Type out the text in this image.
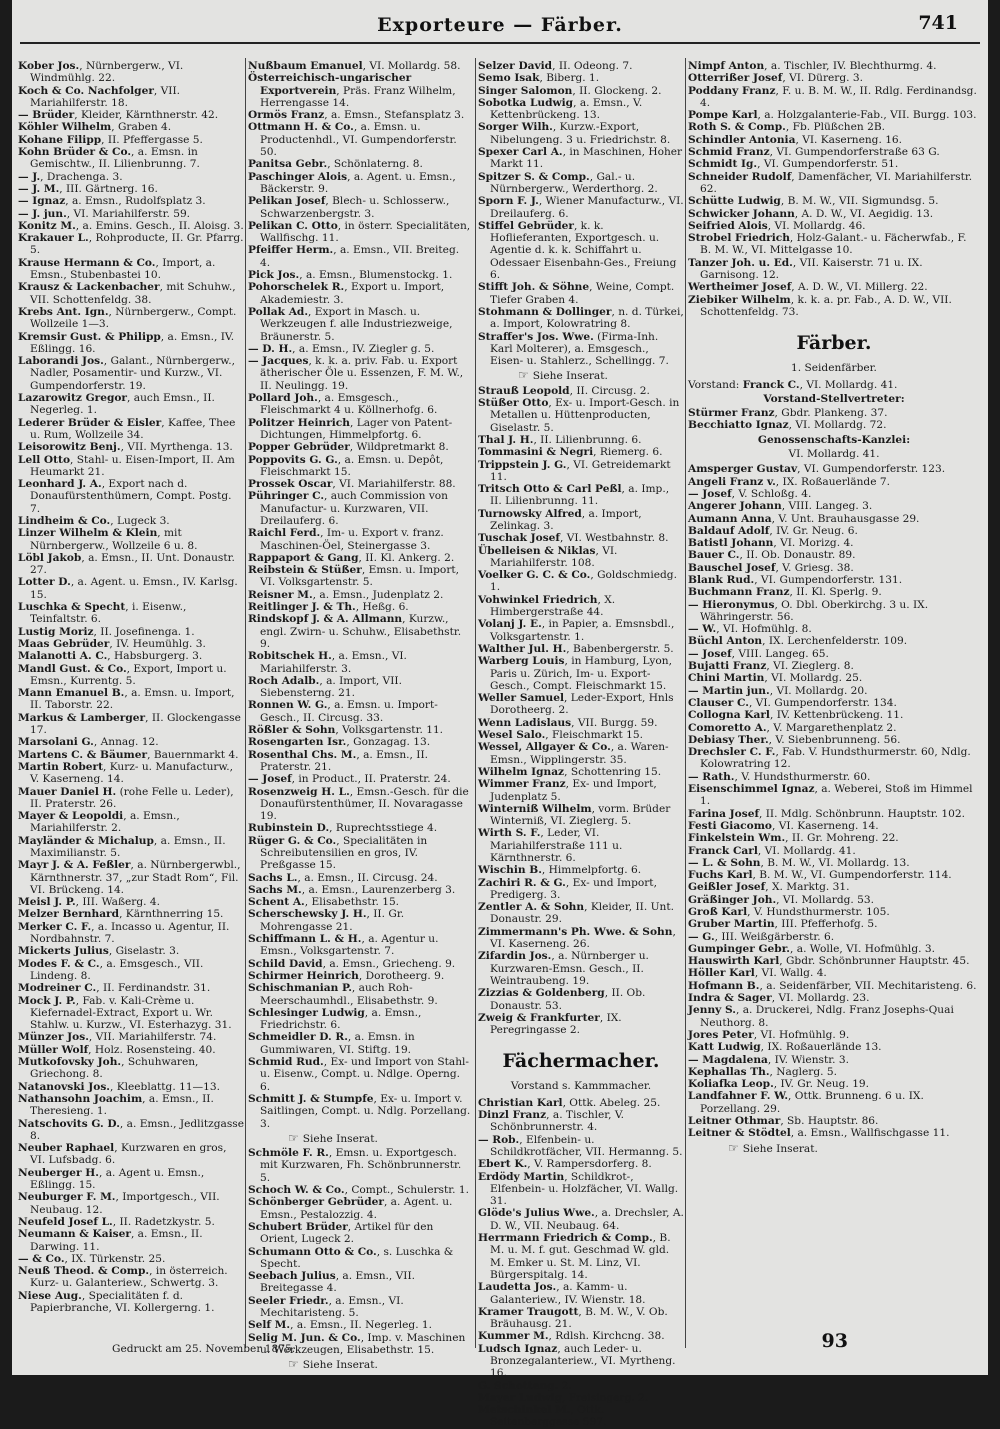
Exporteure — Färber.	741

Kober Jos., Nürnbergerw., VI. Windmühlg. 22.

Koch & Co. Nachfolger, VII. Mariahilferstr. 18.

— Brüder, Kleider, Kärnthnerstr. 42.

Köhler Wilhelm, Graben 4.

Kohane Filipp, II. Pfeffergasse 5.

Kohn Brüder & Co., a. Emsn. in Gemischtw., II. Lilienbrunng. 7.

— J., Drachenga. 3.

— J. M., III. Gärtnerg. 16.

— Ignaz, a. Emsn., Rudolfsplatz 3.

— J. jun., VI. Mariahilferstr. 59.

Konitz M., a. Emins. Gesch., II. Aloisg. 3.

Krakauer L., Rohproducte, II. Gr. Pfarrg. 5.

Krause Hermann & Co., Import, a. Emsn., Stubenbastei 10.

Krausz & Lackenbacher, mit Schuhw., VII. Schottenfeldg. 38.

Krebs Ant. Ign., Nürnbergerw., Compt. Wollzeile 1—3.

Kremsir Gust. & Philipp, a. Emsn., IV. Eßlingg. 16.

Laborandi Jos., Galant., Nürnbergerw., Nadler, Posamentir- und Kurzw., VI. Gumpendorferstr. 19.

Lazarowitz Gregor, auch Emsn., II. Negerleg. 1.

Lederer Brüder & Eisler, Kaffee, Thee u. Rum, Wollzeile 34.

Leisorowitz Benj., VII. Myrthenga. 13.

Lell Otto, Stahl- u. Eisen-Import, II. Am Heumarkt 21.

Leonhard J. A., Export nach d. Donaufürstenthümern, Compt. Postg. 7.

Lindheim & Co., Lugeck 3.

Linzer Wilhelm & Klein, mit Nürnbergerw., Wollzeile 6 u. 8.

Löbl Jakob, a. Emsn., II. Unt. Donaustr. 27.

Lotter D., a. Agent. u. Emsn., IV. Karlsg. 15.

Luschka & Specht, i. Eisenw., Teinfaltstr. 6.

Lustig Moriz, II. Josefinenga. 1.

Maas Gebrüder, IV. Heumühlg. 3.

Malanotti A. C., Habsburgerg. 3.

Mandl Gust. & Co., Export, Import u. Emsn., Kurrentg. 5.

Mann Emanuel B., a. Emsn. u. Import, II. Taborstr. 22.

Markus & Lamberger, II. Glockengasse 17.

Marsolani G., Annag. 12.

Martens C. & Bäumer, Bauernmarkt 4.

Martin Robert, Kurz- u. Manufacturw., V. Kaserneng. 14.

Mauer Daniel H. (rohe Felle u. Leder), II. Praterstr. 26.

Mayer & Leopoldi, a. Emsn., Mariahilferstr. 2.

Mayländer & Michalup, a. Emsn., II. Maximilianstr. 5.

Mayr J. & A. Feßler, a. Nürnbergerwbl., Kärnthnerstr. 37, „zur Stadt Rom“, Fil. VI. Brückeng. 14.

Meisl J. P., III. Waßerg. 4.

Melzer Bernhard, Kärnthnerring 15.

Merker C. F., a. Incasso u. Agentur, II. Nordbahnstr. 7.

Mickerts Julius, Giselastr. 3.

Modes F. & C., a. Emsgesch., VII. Lindeng. 8.

Modreiner C., II. Ferdinandstr. 31.

Mock J. P., Fab. v. Kali-Crème u. Kiefernadel-Extract, Export u. Wr. Stahlw. u. Kurzw., VI. Esterhazyg. 31.

Münzer Jos., VII. Mariahilferstr. 74.

Müller Wolf, Holz. Rosensteing. 40.

Mutkofovsky Joh., Schuhwaren, Griechong. 8.

Natanovski Jos., Kleeblattg. 11—13.

Nathansohn Joachim, a. Emsn., II. Theresieng. 1.

Natschovits G. D., a. Emsn., Jedlitzgasse 8.

Neuber Raphael, Kurzwaren en gros, VI. Lufsbadg. 6.

Neuberger H., a. Agent u. Emsn., Eßlingg. 15.

Neuburger F. M., Importgesch., VII. Neubaug. 12.

Neufeld Josef L., II. Radetzkystr. 5.

Neumann & Kaiser, a. Emsn., II. Darwing. 11.

— & Co., IX. Türkenstr. 25.

Neuß Theod. & Comp., in österreich. Kurz- u. Galanteriew., Schwertg. 3.

Niese Aug., Specialitäten f. d. Papierbranche, VI. Kollergerng. 1.

Nußbaum Emanuel, VI. Mollardg. 58.

Österreichisch-ungarischer Exportverein, Präs. Franz Wilhelm, Herrengasse 14.

Ormös Franz, a. Emsn., Stefansplatz 3.

Ottmann H. & Co., a. Emsn. u. Productenhdl., VI. Gumpendorferstr. 50.

Panitsa Gebr., Schönlaterng. 8.

Paschinger Alois, a. Agent. u. Emsn., Bäckerstr. 9.

Pelikan Josef, Blech- u. Schlosserw., Schwarzenbergstr. 3.

Pelikan C. Otto, in österr. Specialitäten, Wallfischg. 11.

Pfeiffer Herm., a. Emsn., VII. Breiteg. 4.

Pick Jos., a. Emsn., Blumenstockg. 1.

Pohorschelek R., Export u. Import, Akademiestr. 3.

Pollak Ad., Export in Masch. u. Werkzeugen f. alle Industriezweige, Bräunerstr. 5.

— D. H., a. Emsn., IV. Ziegler g. 5.

— Jacques, k. k. a. priv. Fab. u. Export ätherischer Öle u. Essenzen, F. M. W., II. Neulingg. 19.

Pollard Joh., a. Emsgesch., Fleischmarkt 4 u. Köllnerhofg. 6.

Politzer Heinrich, Lager von Patent-Dichtungen, Himmelpfortg. 6.

Popper Gebrüder, Wildpretmarkt 8.

Poppovits G. G., a. Emsn. u. Depôt, Fleischmarkt 15.

Prossek Oscar, VI. Mariahilferstr. 88.

Pühringer C., auch Commission von Manufactur- u. Kurzwaren, VII. Dreilauferg. 6.

Raichl Ferd., Im- u. Export v. franz. Maschinen-Öel, Steinergasse 3.

Rappaport & Gang, II. Kl. Ankerg. 2.

Reibstein & Stüßer, Emsn. u. Import, VI. Volksgartenstr. 5.

Reisner M., a. Emsn., Judenplatz 2.

Reitlinger J. & Th., Heßg. 6.

Rindskopf J. & A. Allmann, Kurzw., engl. Zwirn- u. Schuhw., Elisabethstr. 9.

Robitschek H., a. Emsn., VI. Mariahilferstr. 3.

Roch Adalb., a. Import, VII. Siebensterng. 21.

Ronnen W. G., a. Emsn. u. Import-Gesch., II. Circusg. 33.

Rößler & Sohn, Volksgartenstr. 11.

Rosengarten Isr., Gonzagag. 13.

Rosenthal Chs. M., a. Emsn., II. Praterstr. 21.

— Josef, in Product., II. Praterstr. 24.

Rosenzweig H. L., Emsn.-Gesch. für die Donaufürstenthümer, II. Novaragasse 19.

Rubinstein D., Ruprechtsstiege 4.

Rüger G. & Co., Specialitäten in Schreibutensilien en gros, IV. Preßgasse 15.

Sachs L., a. Emsn., II. Circusg. 24.

Sachs M., a. Emsn., Laurenzerberg 3.

Schent A., Elisabethstr. 15.

Scherschewsky J. H., II. Gr. Mohrengasse 21.

Schiffmann L. & H., a. Agentur u. Emsn., Volksgartenstr. 7.

Schild David, a. Emsn., Griecheng. 9.

Schirmer Heinrich, Dorotheerg. 9.

Schischmanian P., auch Roh-Meerschaumhdl., Elisabethstr. 9.

Schlesinger Ludwig, a. Emsn., Friedrichstr. 6.

Schmeidler D. R., a. Emsn. in Gummiwaren, VI. Stiftg. 19.

Schmid Rud., Ex- und Import von Stahl- u. Eisenw., Compt. u. Ndlge. Operng. 6.

Schmitt J. & Stumpfe, Ex- u. Import v. Saitlingen, Compt. u. Ndlg. Porzellang. 3.

☞ Siehe Inserat.

Schmöle F. R., Emsn. u. Exportgesch. mit Kurzwaren, Fh. Schönbrunnerstr. 5.

Schoch W. & Co., Compt., Schulerstr. 1.

Schönberger Gebrüder, a. Agent. u. Emsn., Pestalozzig. 4.

Schubert Brüder, Artikel für den Orient, Lugeck 2.

Schumann Otto & Co., s. Luschka & Specht.

Seebach Julius, a. Emsn., VII. Breitegasse 4.

Seeler Friedr., a. Emsn., VI. Mechitaristeng. 5.

Self M., a. Emsn., II. Negerleg. 1.

Selig M. Jun. & Co., Imp. v. Maschinen u. Werkzeugen, Elisabethstr. 15.

☞ Siehe Inserat.

Selzer David, II. Odeong. 7.

Semo Isak, Biberg. 1.

Singer Salomon, II. Glockeng. 2.

Sobotka Ludwig, a. Emsn., V. Kettenbrückeng. 13.

Sorger Wilh., Kurzw.-Export, Nibelungeng. 3 u. Friedrichstr. 8.

Spexer Carl A., in Maschinen, Hoher Markt 11.

Spitzer S. & Comp., Gal.- u. Nürnbergerw., Werderthorg. 2.

Sporn F. J., Wiener Manufacturw., VI. Dreilauferg. 6.

Stiffel Gebrüder, k. k. Hoflieferanten, Exportgesch. u. Agentie d. k. k. Schiffahrt u. Odessaer Eisenbahn-Ges., Freiung 6.

Stifft Joh. & Söhne, Weine, Compt. Tiefer Graben 4.

Stohmann & Dollinger, n. d. Türkei, a. Import, Kolowratring 8.

Straffer's Jos. Wwe. (Firma-Inh. Karl Molterer), a. Emsgesch., Eisen- u. Stahlerz., Schellingg. 7.

☞ Siehe Inserat.

Strauß Leopold, II. Circusg. 2.

Stüßer Otto, Ex- u. Import-Gesch. in Metallen u. Hüttenproducten, Giselastr. 5.

Thal J. H., II. Lilienbrunng. 6.

Tommasini & Negri, Riemerg. 6.

Trippstein J. G., VI. Getreidemarkt 11.

Tritsch Otto & Carl Peßl, a. Imp., II. Lilienbrunng. 11.

Turnowsky Alfred, a. Import, Zelinkag. 3.

Tuschak Josef, VI. Westbahnstr. 8.

Übelleisen & Niklas, VI. Mariahilferstr. 108.

Voelker G. C. & Co., Goldschmiedg. 1.

Vohwinkel Friedrich, X. Himbergerstraße 44.

Volanj J. E., in Papier, a. Emsnsbdl., Volksgartenstr. 1.

Walther Jul. H., Babenbergerstr. 5.

Warberg Louis, in Hamburg, Lyon, Paris u. Zürich, Im- u. Export-Gesch., Compt. Fleischmarkt 15.

Weller Samuel, Leder-Export, Hnls Dorotheerg. 2.

Wenn Ladislaus, VII. Burgg. 59.

Wesel Salo., Fleischmarkt 15.

Wessel, Allgayer & Co., a. Waren-Emsn., Wipplingerstr. 35.

Wilhelm Ignaz, Schottenring 15.

Wimmer Franz, Ex- und Import, Judenplatz 5.

Winterniß Wilhelm, vorm. Brüder Winterniß, VI. Zieglerg. 5.

Wirth S. F., Leder, VI. Mariahilferstraße 111 u. Kärnthnerstr. 6.

Wischin B., Himmelpfortg. 6.

Zachiri R. & G., Ex- und Import, Predigerg. 3.

Zentler A. & Sohn, Kleider, II. Unt. Donaustr. 29.

Zimmermann's Ph. Wwe. & Sohn, VI. Kaserneng. 26.

Zifardin Jos., a. Nürnberger u. Kurzwaren-Emsn. Gesch., II. Weintraubeng. 19.

Zizzias & Goldenberg, II. Ob. Donaustr. 53.

Zweig & Frankfurter, IX. Peregringasse 2.

Fächermacher.
Vorstand s. Kammmacher.

Christian Karl, Ottk. Abeleg. 25.

Dinzl Franz, a. Tischler, V. Schönbrunnerstr. 4.

— Rob., Elfenbein- u. Schildkrotfächer, VII. Hermanng. 5.

Ebert K., V. Rampersdorferg. 8.

Erdödy Martin, Schildkrot-, Elfenbein- u. Holzfächer, VI. Wallg. 31.

Glöde's Julius Wwe., a. Drechsler, A. D. W., VII. Neubaug. 64.

Herrmann Friedrich & Comp., B. M. u. M. f. gut. Geschmad W. gld. M. Emker u. St. M. Linz, VI. Bürgerspitalg. 14.

Laudetta Jos., a. Kamm- u. Galanteriew., IV. Wienstr. 18.

Kramer Traugott, B. M. W., V. Ob. Bräuhausg. 21.

Kummer M., Rdlsh. Kirchcng. 38.

Ludsch Ignaz, auch Leder- u. Bronzegalanteriew., VI. Myrtheng. 16.

G. Schotteng. 2.

Mayer Ludwig, Freisingerg. 2.

Metschinkel M., Ottk. Seitenberggasse 597.

Nimpf Anton, a. Tischler, IV. Blechthurmg. 4.

Otterrißer Josef, VI. Dürerg. 3.

Poddany Franz, F. u. B. M. W., II. Rdlg. Ferdinandsg. 4.

Pompe Karl, a. Holzgalanterie-Fab., VII. Burgg. 103.

Roth S. & Comp., Fb. Plüßchen 2B.

Schindler Antonia, VI. Kaserneng. 16.

Schmid Franz, VI. Gumpendorferstraße 63 G.

Schmidt Ig., VI. Gumpendorferstr. 51.

Schneider Rudolf, Damenfächer, VI. Mariahilferstr. 62.

Schütte Ludwig, B. M. W., VII. Sigmundsg. 5.

Schwicker Johann, A. D. W., VI. Aegidig. 13.

Seifried Alois, VI. Mollardg. 46.

Strobel Friedrich, Holz-Galant.- u. Fächerwfab., F. B. M. W., VI. Mittelgasse 10.

Tanzer Joh. u. Ed., VII. Kaiserstr. 71 u. IX. Garnisong. 12.

Wertheimer Josef, A. D. W., VI. Millerg. 22.

Ziebiker Wilhelm, k. k. a. pr. Fab., A. D. W., VII. Schottenfeldg. 73.

Färber.
1. Seidenfärber.

Vorstand: Franck C., VI. Mollardg. 41.

Vorstand-Stellvertreter:

Stürmer Franz, Gbdr. Plankeng. 37.

Becchiatto Ignaz, VI. Mollardg. 72.

Genossenschafts-Kanzlei:
VI. Mollardg. 41.

Amsperger Gustav, VI. Gumpendorferstr. 123.

Angeli Franz v., IX. Roßauerlände 7.

— Josef, V. Schloßg. 4.

Angerer Johann, VIII. Langeg. 3.

Aumann Anna, V. Unt. Brauhausgasse 29.

Baldauf Adolf, IV. Gr. Neug. 6.

Batistl Johann, VI. Morizg. 4.

Bauer C., II. Ob. Donaustr. 89.

Bauschel Josef, V. Griesg. 38.

Blank Rud., VI. Gumpendorferstr. 131.

Buchmann Franz, II. Kl. Sperlg. 9.

— Hieronymus, O. Dbl. Oberkirchg. 3 u. IX. Währingerstr. 56.

— W., VI. Hofmühlg. 8.

Büchl Anton, IX. Lerchenfelderstr. 109.

— Josef, VIII. Langeg. 65.

Bujatti Franz, VI. Zieglerg. 8.

Chini Martin, VI. Mollardg. 25.

— Martin jun., VI. Mollardg. 20.

Clauser C., VI. Gumpendorferstr. 134.

Collogna Karl, IV. Kettenbrückeng. 11.

Comoretto A., V. Margarethenplatz 2.

Debiasy Ther., V. Siebenbrunneng. 56.

Drechsler C. F., Fab. V. Hundsthurmerstr. 60, Ndlg. Kolowratring 12.

— Rath., V. Hundsthurmerstr. 60.

Eisenschimmel Ignaz, a. Weberei, Stoß im Himmel 1.

Farina Josef, II. Mdlg. Schönbrunn. Hauptstr. 102.

Festi Giacomo, VI. Kaserneng. 14.

Finkelstein Wm., II. Gr. Mohreng. 22.

Franck Carl, VI. Mollardg. 41.

— L. & Sohn, B. M. W., VI. Mollardg. 13.

Fuchs Karl, B. M. W., VI. Gumpendorferstr. 114.

Geißler Josef, X. Marktg. 31.

Gräßinger Joh., VI. Mollardg. 53.

Groß Karl, V. Hundsthurmerstr. 105.

Gruber Martin, III. Pfefferhofg. 5.

— G., III. Weißgärberstr. 6.

Gumpinger Gebr., a. Wolle, VI. Hofmühlg. 3.

Hauswirth Karl, Gbdr. Schönbrunner Hauptstr. 45.

Höller Karl, VI. Wallg. 4.

Hofmann B., a. Seidenfärber, VII. Mechitaristeng. 6.

Indra & Sager, VI. Mollardg. 23.

Jenny S., a. Druckerei, Ndlg. Franz Josephs-Quai Neuthorg. 8.

Jores Peter, VI. Hofmühlg. 9.

Katt Ludwig, IX. Roßauerlände 13.

— Magdalena, IV. Wienstr. 3.

Kephallas Th., Naglerg. 5.

Koliafka Leop., IV. Gr. Neug. 19.

Landfahner F. W., Ottk. Brunneng. 6 u. IX. Porzellang. 29.

Leitner Othmar, Sb. Hauptstr. 86.

Leitner & Stödtel, a. Emsn., Wallfischgasse 11.

☞ Siehe Inserat.
Gedruckt am 25. November 1875.	93
